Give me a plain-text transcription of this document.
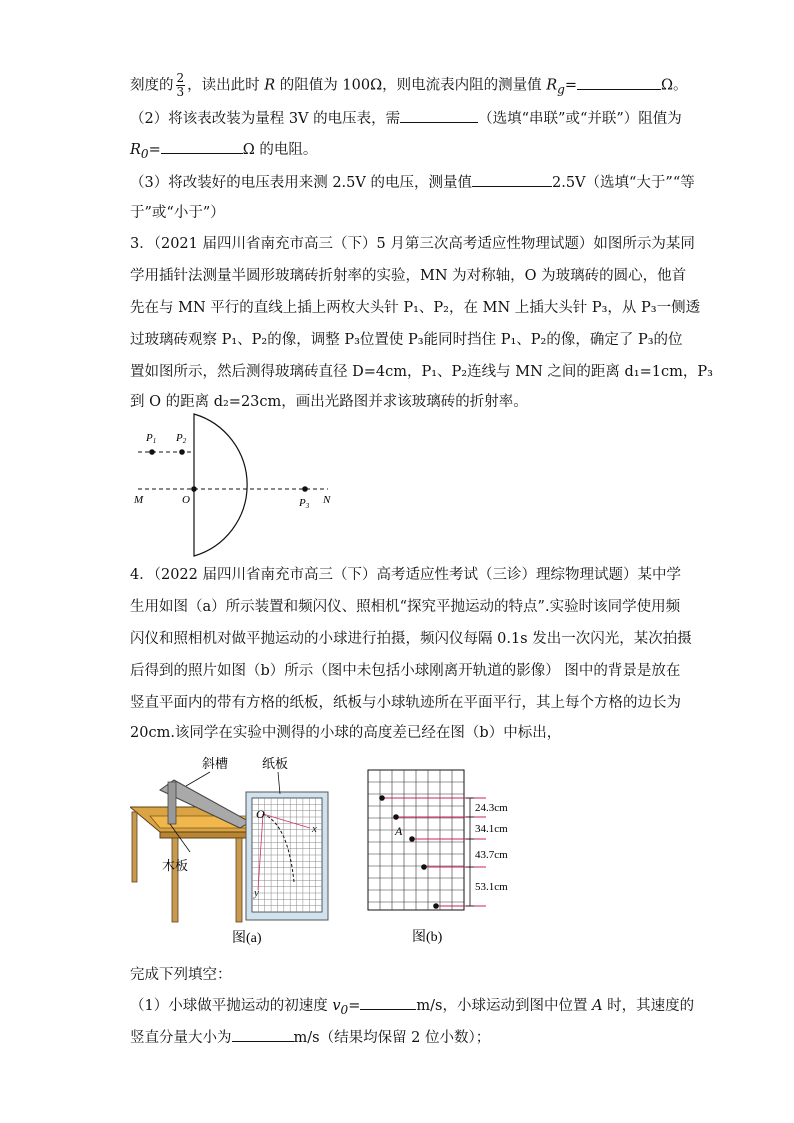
刻度的 $\frac{2}{3}$ ，读出此时 R 的阻值为 100Ω，则电流表内阻的测量值 $R_g=$	Ω。
（2）将该表改装为量程 3V 的电压表，需	（选填“串联”或“并联”）阻值为
$R_0=$	Ω 的电阻。
（3）将改装好的电压表用来测 2.5V 的电压，测量值	2.5V（选填“大于”“等
于”或“小于”）
3．（2021 届四川省南充市高三（下）5 月第三次高考适应性物理试题）如图所示为某同
学用插针法测量半圆形玻璃砖折射率的实验，MN 为对称轴，O 为玻璃砖的圆心，他首
先在与 MN 平行的直线上插上两枚大头针 P₁、P₂，在 MN 上插大头针 P₃，从 P₃一侧透
过玻璃砖观察 P₁、P₂的像，调整 P₃位置使 P₃能同时挡住 P₁、P₂的像，确定了 P₃的位
置如图所示，然后测得玻璃砖直径 D=4cm，P₁、P₂连线与 MN 之间的距离 d₁=1cm，P₃
到 O 的距离 d₂=23cm，画出光路图并求该玻璃砖的折射率。
P1 P2
P3
M	O	N
4．（2022 届四川省南充市高三（下）高考适应性考试（三诊）理综物理试题）某中学
生用如图（a）所示装置和频闪仪、照相机“探究平抛运动的特点”.实验时该同学使用频
闪仪和照相机对做平抛运动的小球进行拍摄，频闪仪每隔 0.1s 发出一次闪光，某次拍摄
后得到的照片如图（b）所示（图中未包括小球刚离开轨道的影像） 图中的背景是放在
竖直平面内的带有方格的纸板，纸板与小球轨迹所在平面平行，其上每个方格的边长为
20cm.该同学在实验中测得的小球的高度差已经在图（b）中标出，
O
x
y
斜槽	纸板
木板
图(a)
A
24.3cm
34.1cm
43.7cm
53.1cm
图(b)
完成下列填空：
（1）小球做平抛运动的初速度 $v_0=$	m/s，小球运动到图中位置 A 时，其速度的
竖直分量大小为	m/s（结果均保留 2 位小数）；
